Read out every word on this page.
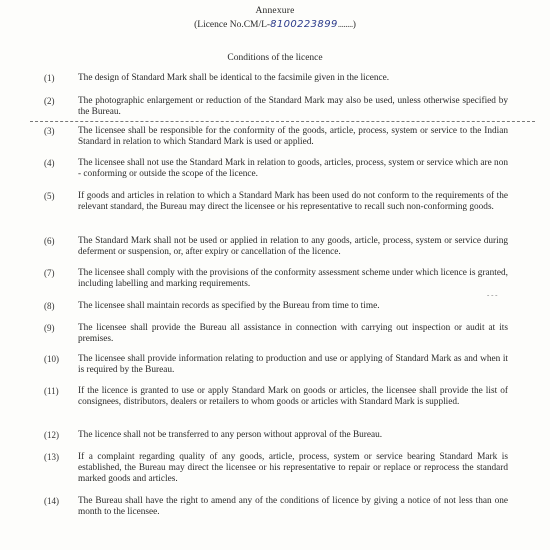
Annexure
(Licence No.CM/L-8100223899........)
Conditions of the licence
- - -
(1)	The design of Standard Mark shall be identical to the facsimile given in the licence.
(2)	The photographic enlargement or reduction of the Standard Mark may also be used, unless otherwise specified by the Bureau.
(3)	The licensee shall be responsible for the conformity of the goods, article, process, system or service to the Indian Standard in relation to which Standard Mark is used or applied.
(4)	The licensee shall not use the Standard Mark in relation to goods, articles, process, system or service which are non - conforming or outside the scope of the licence.
(5)	If goods and articles in relation to which a Standard Mark has been used do not conform to the requirements of the relevant standard, the Bureau may direct the licensee or his representative to recall such non-conforming goods.
(6)	The Standard Mark shall not be used or applied in relation to any goods, article, process, system or service during deferment or suspension, or, after expiry or cancellation of the licence.
(7)	The licensee shall comply with the provisions of the conformity assessment scheme under which licence is granted, including labelling and marking requirements.
(8)	The licensee shall maintain records as specified by the Bureau from time to time.
(9)	The licensee shall provide the Bureau all assistance in connection with carrying out inspection or audit at its premises.
(10)	The licensee shall provide information relating to production and use or applying of Standard Mark as and when it is required by the Bureau.
(11)	If the licence is granted to use or apply Standard Mark on goods or articles, the licensee shall provide the list of consignees, distributors, dealers or retailers to whom goods or articles with Standard Mark is supplied.
(12)	The licence shall not be transferred to any person without approval of the Bureau.
(13)	If a complaint regarding quality of any goods, article, process, system or service bearing Standard Mark is established, the Bureau may direct the licensee or his representative to repair or replace or reprocess the standard marked goods and articles.
(14)	The Bureau shall have the right to amend any of the conditions of licence by giving a notice of not less than one month to the licensee.
